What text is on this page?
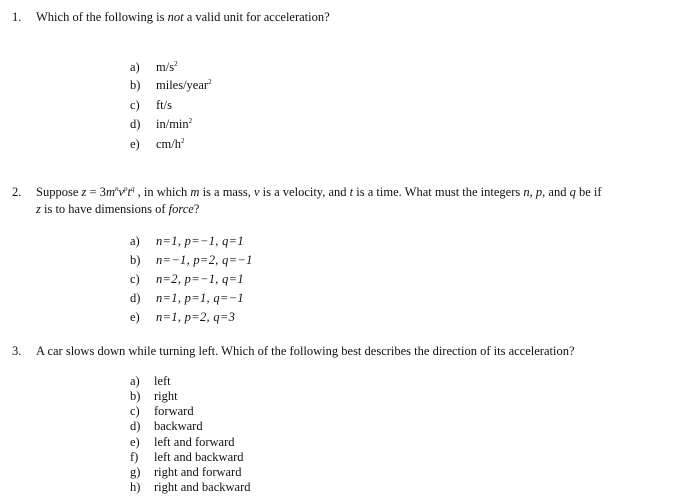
1. Which of the following is not a valid unit for acceleration?
a) $m/s^2$
b) miles/year$^2$
c) ft/s
d) $in/\min^2$
e) $cm/h^2$
2. Suppose $z = 3m^nv^pt^q$ , in which m is a mass, v is a velocity, and t is a time. What must the integers n, p, and q be if
z is to have dimensions of force?
a) n=1, p=−1, q=1
b) n=−1, p=2, q=−1
c) n=2, p=−1, q=1
d) n=1, p=1, q=−1
e) n=1, p=2, q=3
3. A car slows down while turning left. Which of the following best describes the direction of its acceleration?
a) left
b) right
c) forward
d) backward
e) left and forward
f) left and backward
g) right and forward
h) right and backward
